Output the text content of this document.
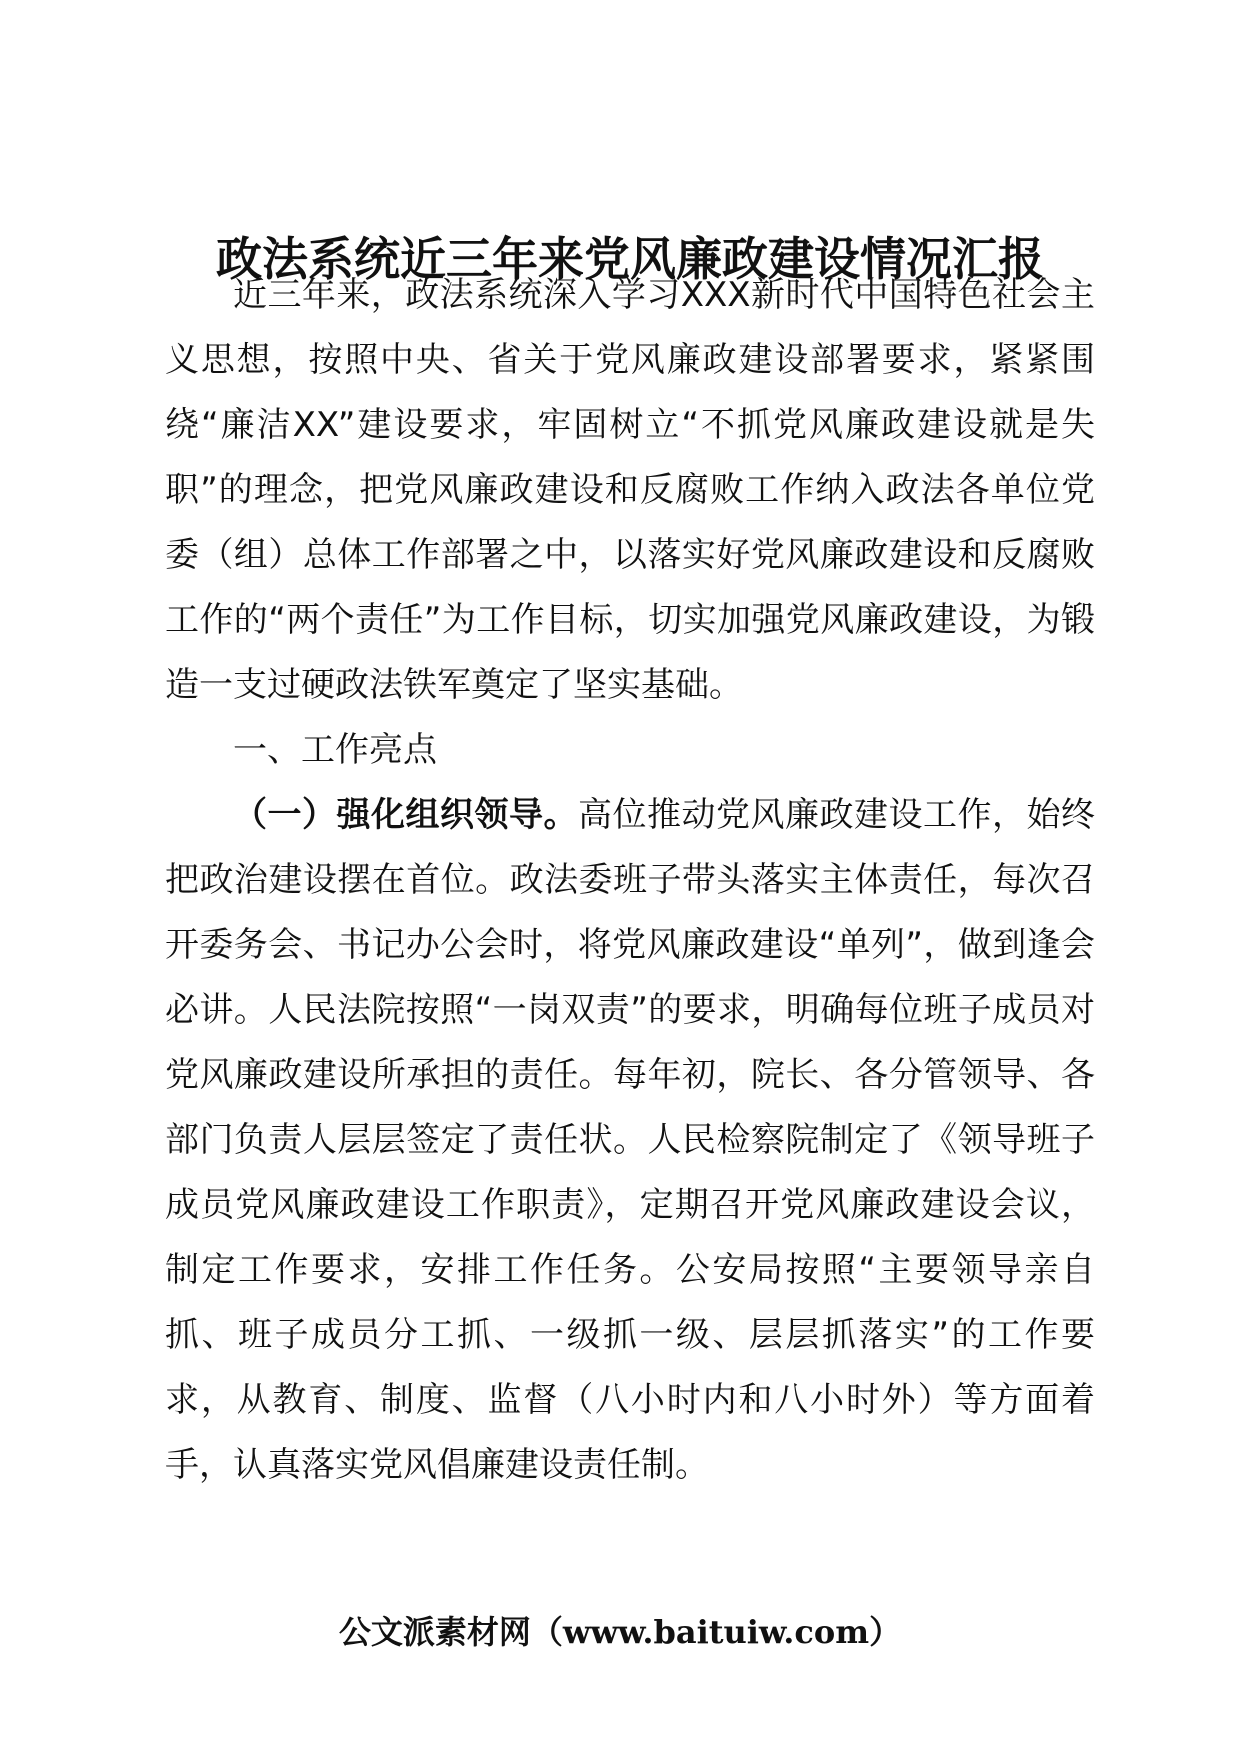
政法系统近三年来党风廉政建设情况汇报

近三年来，政法系统深入学习XXX新时代中国特色社会主义思想，按照中央、省关于党风廉政建设部署要求，紧紧围绕“廉洁XX”建设要求，牢固树立“不抓党风廉政建设就是失职”的理念，把党风廉政建设和反腐败工作纳入政法各单位党委（组）总体工作部署之中，以落实好党风廉政建设和反腐败工作的“两个责任”为工作目标，切实加强党风廉政建设，为锻造一支过硬政法铁军奠定了坚实基础。

一、工作亮点

（一）强化组织领导。高位推动党风廉政建设工作，始终把政治建设摆在首位。政法委班子带头落实主体责任，每次召开委务会、书记办公会时，将党风廉政建设“单列”，做到逢会必讲。人民法院按照“一岗双责”的要求，明确每位班子成员对党风廉政建设所承担的责任。每年初，院长、各分管领导、各部门负责人层层签定了责任状。人民检察院制定了《领导班子成员党风廉政建设工作职责》，定期召开党风廉政建设会议，制定工作要求，安排工作任务。公安局按照“主要领导亲自抓、班子成员分工抓、一级抓一级、层层抓落实”的工作要求，从教育、制度、监督（八小时内和八小时外）等方面着手，认真落实党风倡廉建设责任制。

公文派素材网（www.baituiw.com）
